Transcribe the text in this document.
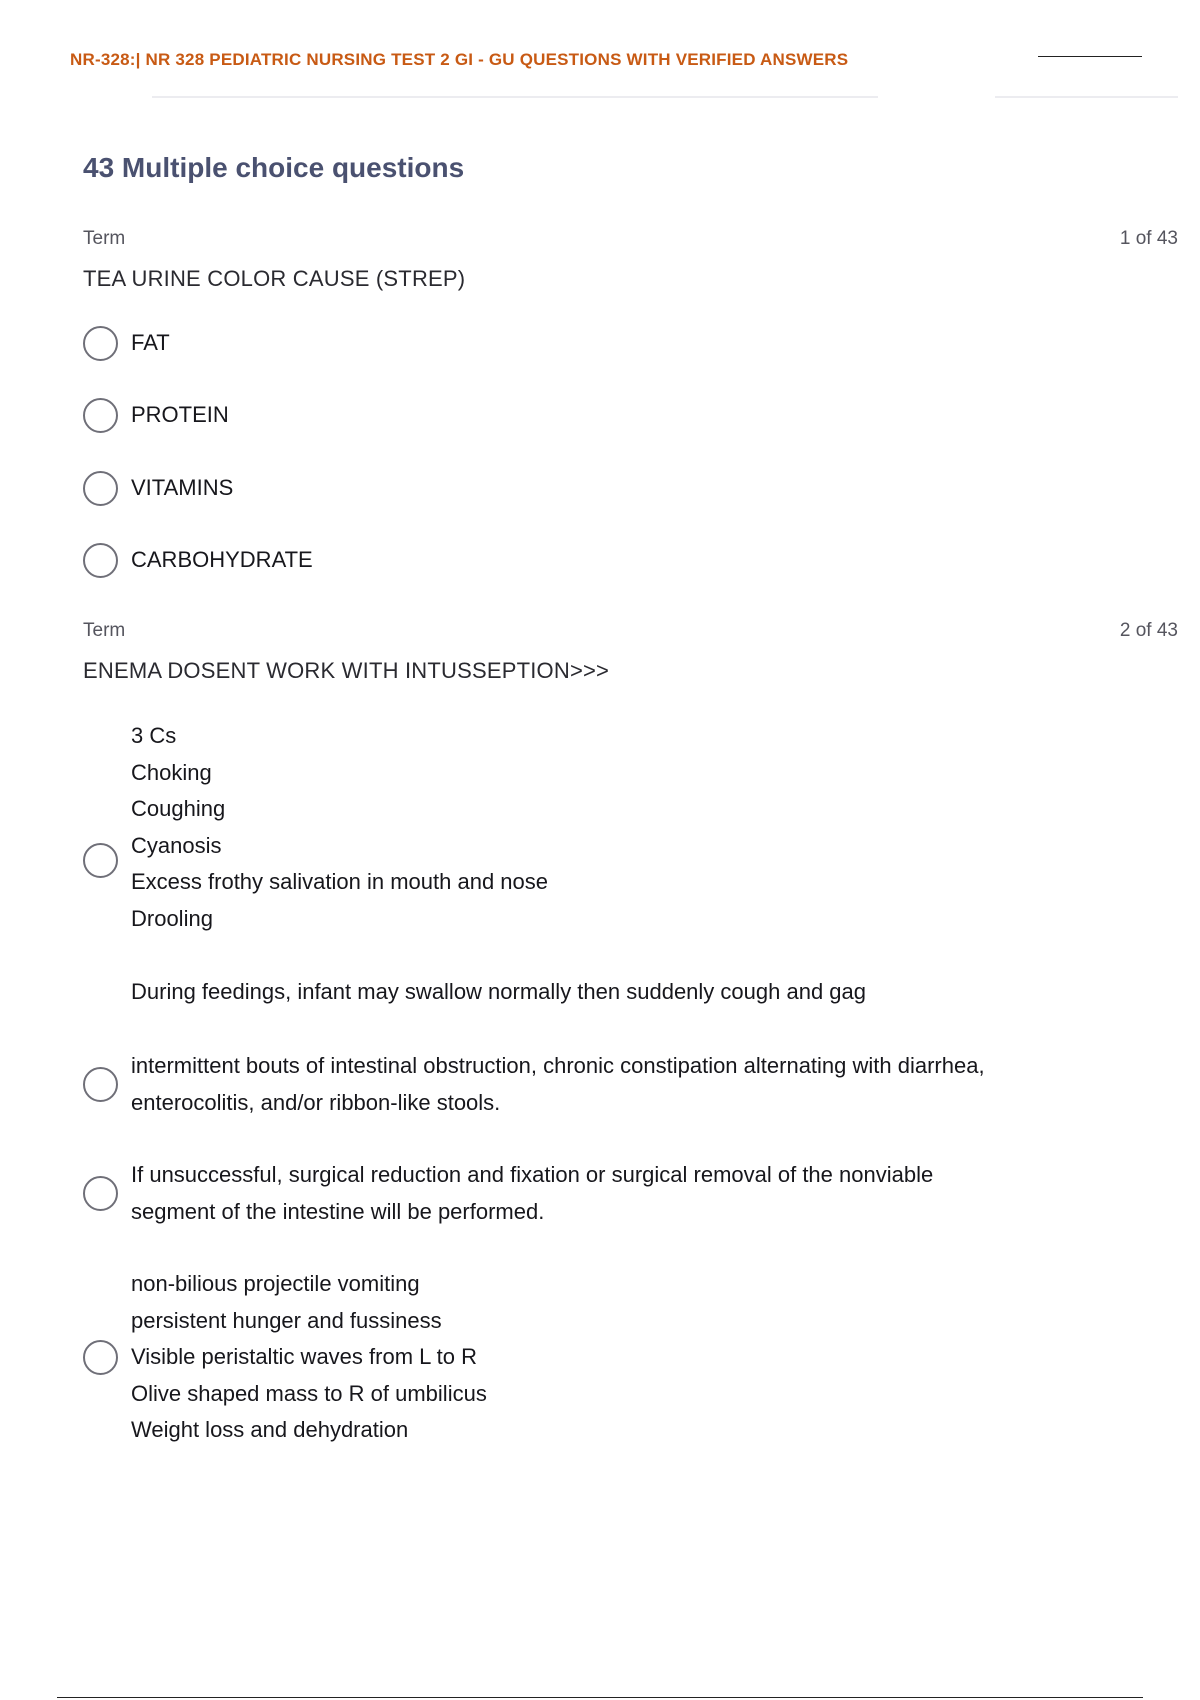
NR-328:| NR 328 PEDIATRIC NURSING TEST 2 GI - GU QUESTIONS WITH VERIFIED ANSWERS
43 Multiple choice questions
Term	1 of 43
TEA URINE COLOR CAUSE (STREP)
FAT
PROTEIN
VITAMINS
CARBOHYDRATE
Term	2 of 43
ENEMA DOSENT WORK WITH INTUSSEPTION>>>
3 Cs
Choking
Coughing
Cyanosis
Excess frothy salivation in mouth and nose
Drooling

During feedings, infant may swallow normally then suddenly cough and gag
intermittent bouts of intestinal obstruction, chronic constipation alternating with diarrhea,
enterocolitis, and/or ribbon-like stools.
If unsuccessful, surgical reduction and fixation or surgical removal of the nonviable
segment of the intestine will be performed.
non-bilious projectile vomiting
persistent hunger and fussiness
Visible peristaltic waves from L to R
Olive shaped mass to R of umbilicus
Weight loss and dehydration
